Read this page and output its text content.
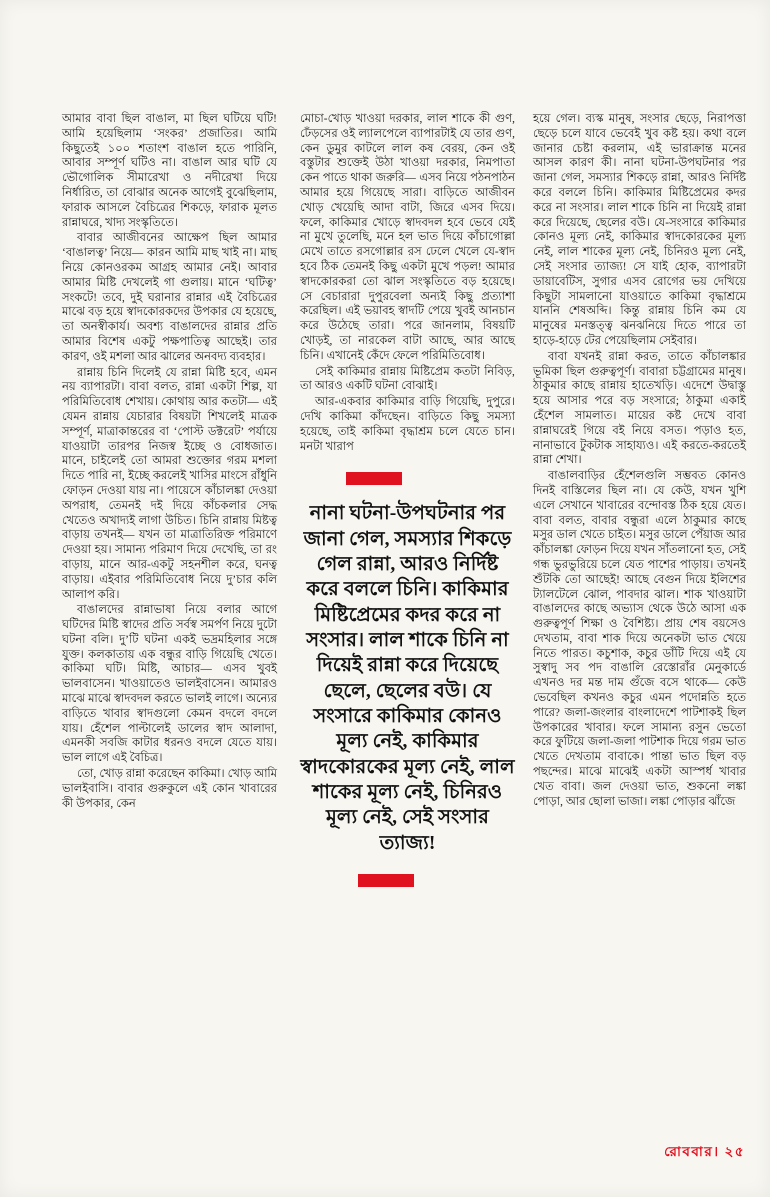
আমার বাবা ছিল বাঙাল, মা ছিল ঘটিয়ে ঘটি! আমি হয়েছিলাম ‘সংকর’ প্রজাতির। আমি কিছুতেই ১০০ শতাংশ বাঙাল হতে পারিনি, আবার সম্পূর্ণ ঘটিও না। বাঙাল আর ঘটি যে ভৌগোলিক সীমারেখা ও নদীরেখা দিয়ে নির্ধারিত, তা বোঝার অনেক আগেই বুঝেছিলাম, ফারাক আসলে বৈচিত্রের শিকড়ে, ফারাক মূলত রান্নাঘরে, খাদ্য সংস্কৃতিতে।

বাবার আজীবনের আক্ষেপ ছিল আমার ‘বাঙালত্ব’ নিয়ে— কারন আমি মাছ খাই না। মাছ নিয়ে কোনওরকম আগ্রহ আমার নেই। আবার আমার মিষ্টি দেখলেই গা গুলায়। মানে ‘ঘটিত্ব’ সংকটে! তবে, দুই ঘরানার রান্নার এই বৈচিত্রের মাঝে বড় হয়ে স্বাদকোরকদের উপকার যে হয়েছে, তা অনস্বীকার্য। অবশ্য বাঙালদের রান্নার প্রতি আমার বিশেষ একটু পক্ষপাতিত্ব আছেই। তার কারণ, ওই মশলা আর ঝালের অনবদ্য ব্যবহার।

রান্নায় চিনি দিলেই যে রান্না মিষ্টি হবে, এমন নয় ব্যাপারটা। বাবা বলত, রান্না একটা শিল্প, যা পরিমিতিবোধ শেখায়। কোথায় আর কতটা— এই যেমন রান্নায় যেচারার বিষয়টা শিখলেই মাত্রক সম্পূর্ণ, মাত্রাকান্তরের বা ‘পোস্ট ডক্টরেট’ পর্যায়ে যাওয়াটা তারপর নিজস্ব ইচ্ছে ও বোধজাত। মানে, চাইলেই তো আমরা শুক্তোর গরম মশলা দিতে পারি না, ইচ্ছে করলেই খাসির মাংসে রাঁধুনি ফোড়ন দেওয়া যায় না। পায়েসে কাঁচালঙ্কা দেওয়া অপরাধ, তেমনই দই দিয়ে কাঁচকলার সেদ্ধ খেতেও অখাদ্যই লাগা উচিত। চিনি রান্নায় মিষ্টত্ব বাড়ায় তখনই— যখন তা মাত্রাতিরিক্ত পরিমাণে দেওয়া হয়। সামান্য পরিমাণ দিয়ে দেখেছি, তা রং বাড়ায়, মানে আর-একটু সহনশীল করে, ঘনত্ব বাড়ায়। এইবার পরিমিতিবোধ নিয়ে দু’চার কলি আলাপ করি।

বাঙালদের রান্নাভাষা নিয়ে বলার আগে ঘটিদের মিষ্টি স্বাদের প্রতি সর্বস্ব সমর্পণ নিয়ে দুটো ঘটনা বলি। দু’টি ঘটনা একই ভদ্রমহিলার সঙ্গে যুক্ত। কলকাতায় এক বন্ধুর বাড়ি গিয়েছি খেতে। কাকিমা ঘটি। মিষ্টি, আচার— এসব খুবই ভালবাসেন। খাওয়াতেও ভালইবাসেন। আমারও মাঝে মাঝে স্বাদবদল করতে ভালই লাগে। অন্যের বাড়িতে খাবার স্বাদগুলো কেমন বদলে বদলে যায়। হেঁশেল পাল্টালেই ডালের স্বাদ আলাদা, এমনকী সবজি কাটার ধরনও বদলে যেতে যায়। ভাল লাগে এই বৈচিত্র।

তো, খোড় রান্না করেছেন কাকিমা। খোড় আমি ভালইবাসি। বাবার গুরুকুলে এই কোন খাবারের কী উপকার, কেন

মোচা-খোড় খাওয়া দরকার, লাল শাকে কী গুণ, ঢেঁড়সের ওই ল্যালপেলে ব্যাপারটাই যে তার গুণ, কেন ডুমুর কাটলে লাল কষ বেরয়, কেন ওই বস্তুটার শুক্তেই উঠা খাওয়া দরকার, নিমপাতা কেন পাতে থাকা জরুরি— এসব নিয়ে পঠনপাঠন আমার হয়ে গিয়েছে সারা। বাড়িতে আজীবন খোড় খেয়েছি আদা বাটা, জিরে এসব দিয়ে। ফলে, কাকিমার খোড়ে স্বাদবদল হবে ভেবে যেই না মুখে তুলেছি, মনে হল ভাত দিয়ে কাঁচাগোল্লা মেখে তাতে রসগোল্লার রস ঢেলে খেলে যে-স্বাদ হবে ঠিক তেমনই কিছু একটা মুখে পড়ল! আমার স্বাদকোরকরা তো ঝাল সংস্কৃতিতে বড় হয়েছে। সে বেচারারা দুপুরবেলা অন্যই কিছু প্রত্যাশা করেছিল। এই ভয়াবহ স্বাদটি পেয়ে খুবই আনচান করে উঠেছে তারা। পরে জানলাম, বিষয়টি খোড়ই, তা নারকেল বাটা আছে, আর আছে চিনি। এখানেই কেঁদে ফেলে পরিমিতিবোধ।

সেই কাকিমার রান্নায় মিষ্টিপ্রেম কতটা নিবিড়, তা আরও একটি ঘটনা বোঝাই।

আর-একবার কাকিমার বাড়ি গিয়েছি, দুপুরে। দেখি কাকিমা কাঁদছেন। বাড়িতে কিছু সমস্যা হয়েছে, তাই কাকিমা বৃদ্ধাশ্রম চলে যেতে চান। মনটা খারাপ

নানা ঘটনা-উপঘটনার পর জানা গেল, সমস্যার শিকড়ে গেল রান্না, আরও নির্দিষ্ট করে বললে চিনি। কাকিমার মিষ্টিপ্রেমের কদর করে না সংসার। লাল শাকে চিনি না দিয়েই রান্না করে দিয়েছে ছেলে, ছেলের বউ। যে সংসারে কাকিমার কোনও মূল্য নেই, কাকিমার স্বাদকোরকের মূল্য নেই, লাল শাকের মূল্য নেই, চিনিরও মূল্য নেই, সেই সংসার ত্যাজ্য!

হয়ে গেল। ব্যস্ক মানুষ, সংসার ছেড়ে, নিরাপত্তা ছেড়ে চলে যাবে ভেবেই খুব কষ্ট হয়। কথা বলে জানার চেষ্টা করলাম, এই ভারাক্রান্ত মনের আসল কারণ কী। নানা ঘটনা-উপঘটনার পর জানা গেল, সমস্যার শিকড়ে রান্না, আরও নির্দিষ্ট করে বললে চিনি। কাকিমার মিষ্টিপ্রেমের কদর করে না সংসার। লাল শাকে চিনি না দিয়েই রান্না করে দিয়েছে, ছেলের বউ। যে-সংসারে কাকিমার কোনও মূল্য নেই, কাকিমার স্বাদকোরকের মূল্য নেই, লাল শাকের মূল্য নেই, চিনিরও মূল্য নেই, সেই সংসার ত্যাজ্য! সে যাই হোক, ব্যাপারটা ডায়াবেটিস, সুগার এসব রোগের ভয় দেখিয়ে কিছুটা সামলানো যাওয়াতে কাকিমা বৃদ্ধাশ্রমে যাননি শেষঅব্দি। কিন্তু রান্নায় চিনি কম যে মানুষের মনস্তত্ত্ব ঝনঝনিয়ে দিতে পারে তা হাড়ে-হাড়ে টের পেয়েছিলাম সেইবার।

বাবা যখনই রান্না করত, তাতে কাঁচালঙ্কার ভূমিকা ছিল গুরুত্বপূর্ণ। বাবারা চট্টগ্রামের মানুষ। ঠাকুমার কাছে রান্নায় হাতেখড়ি। এদেশে উদ্বাস্তু হয়ে আসার পরে বড় সংসারে; ঠাকুমা একাই হেঁশেল সামলাত। মায়ের কষ্ট দেখে বাবা রান্নাঘরেই গিয়ে বই নিয়ে বসত। পড়াও হত, নানাভাবে টুকটাক সাহায্যও। এই করতে-করতেই রান্না শেখা।

বাঙালবাড়ির হেঁশেলগুলি সম্ভবত কোনও দিনই বাস্তিলের ছিল না। যে কেউ, যখন খুশি এলে সেখানে খাবারের বন্দোবস্ত ঠিক হয়ে যেত। বাবা বলত, বাবার বন্ধুরা এলে ঠাকুমার কাছে মসুর ডাল খেতে চাইত। মসুর ডালে পেঁয়াজ আর কাঁচালঙ্কা ফোড়ন দিয়ে যখন সাঁতলানো হত, সেই গন্ধ ভুরভুরিয়ে চলে যেত পাশের পাড়ায়। তখনই শুঁটকি তো আছেই! আছে বেগুন দিয়ে ইলিশের ট্যালটেলে ঝোল, পাবদার ঝাল। শাক খাওয়াটা বাঙালদের কাছে অভ্যাস থেকে উঠে আসা এক গুরুত্বপূর্ণ শিক্ষা ও বৈশিষ্ট্য। প্রায় শেষ বয়সেও দেখতাম, বাবা শাক দিয়ে অনেকটা ভাত খেয়ে নিতে পারত। কচুশাক, কচুর ডাঁটি দিয়ে এই যে সুস্বাদু সব পদ বাঙালি রেস্তোরাঁর মেনুকার্ডে এখনও দর মন্ত দাম গুঁজে বসে থাকে— কেউ ভেবেছিল কখনও কচুর এমন পদোন্নতি হতে পারে? জলা-জংলার বাংলাদেশে পাটশাকই ছিল উপকারের খাবার। ফলে সামান্য রসুন ভেতো করে ফুটিয়ে জলা-জলা পাটশাক দিয়ে গরম ভাত খেতে দেখতাম বাবাকে। পান্তা ভাত ছিল বড় পছন্দের। মাঝে মাঝেই একটা আস্পর্ধ খাবার খেত বাবা। জল দেওয়া ভাত, শুকনো লঙ্কা পোড়া, আর ছোলা ভাজা। লঙ্কা পোড়ার ঝাঁজে

রোববার। ২৫
